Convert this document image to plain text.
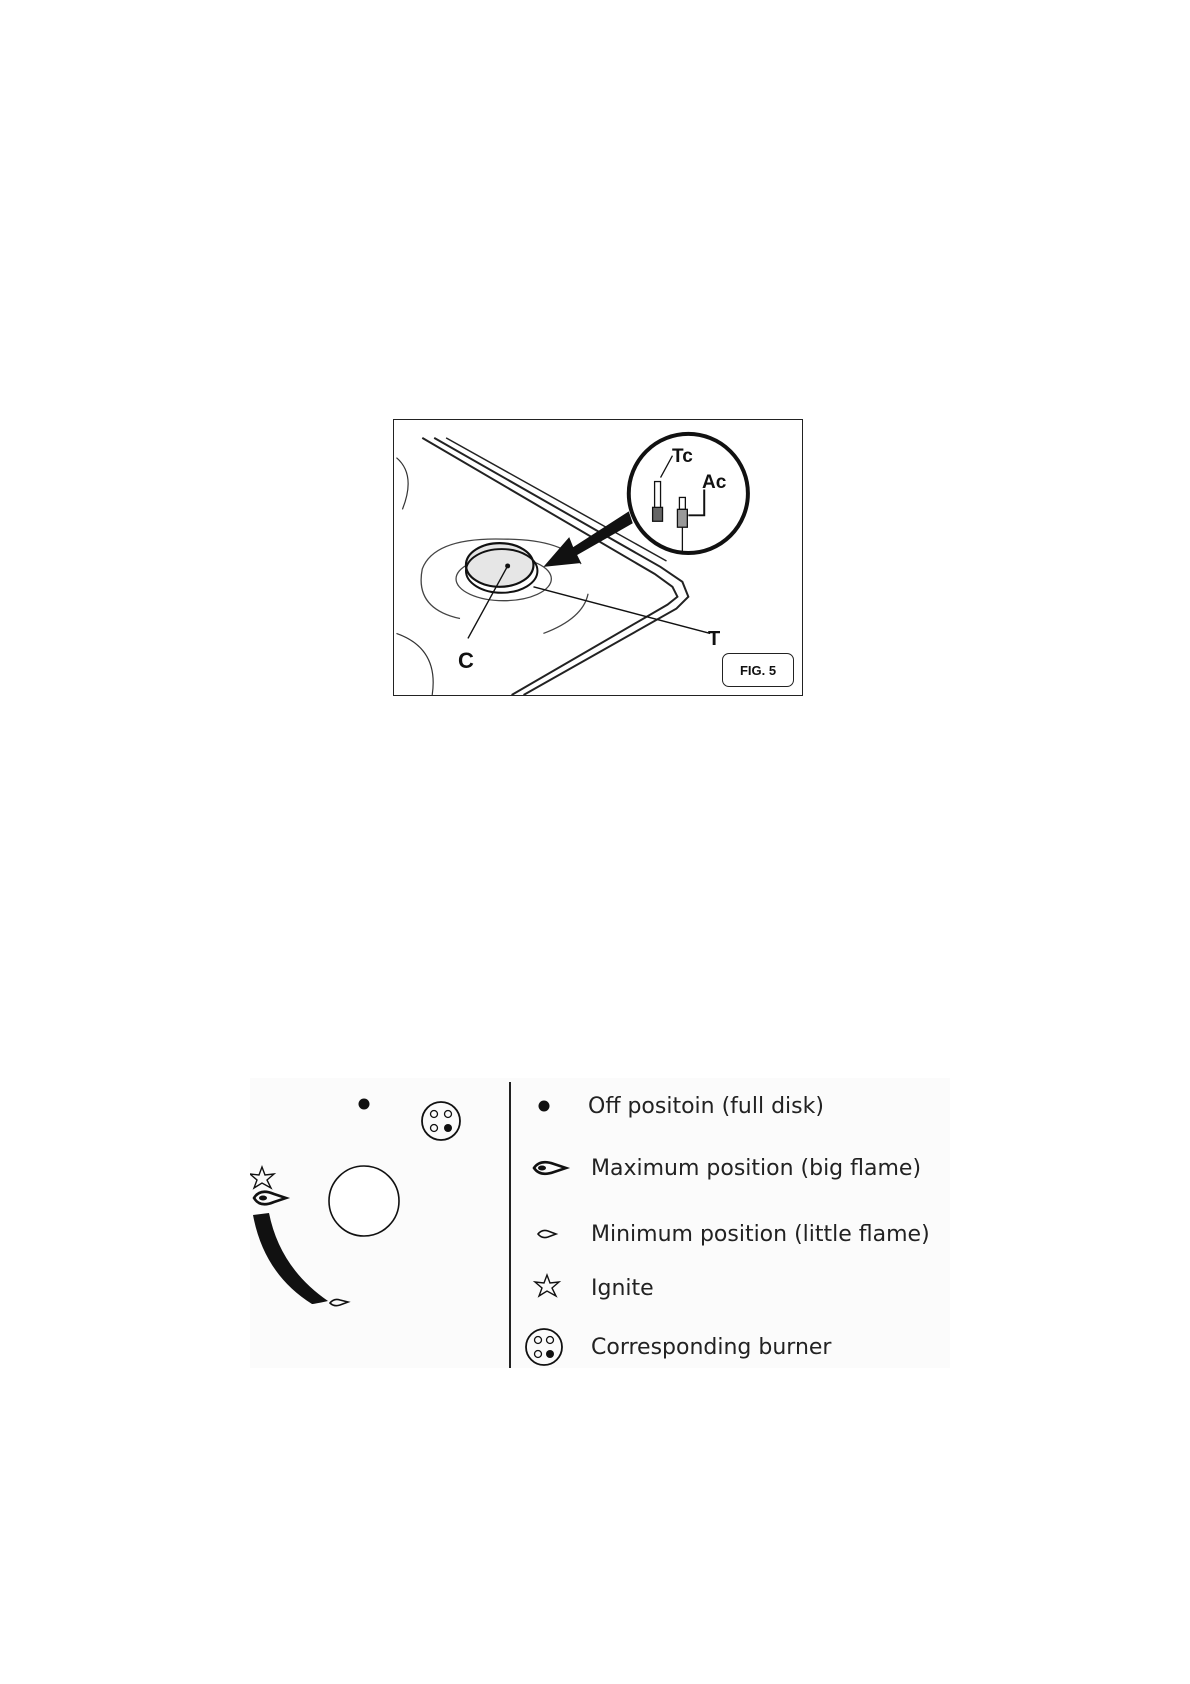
Tc
Ac
C
T
FIG. 5
Off positoin (full disk)
Maximum position (big flame)
Minimum position (little flame)
Ignite
Corresponding burner
